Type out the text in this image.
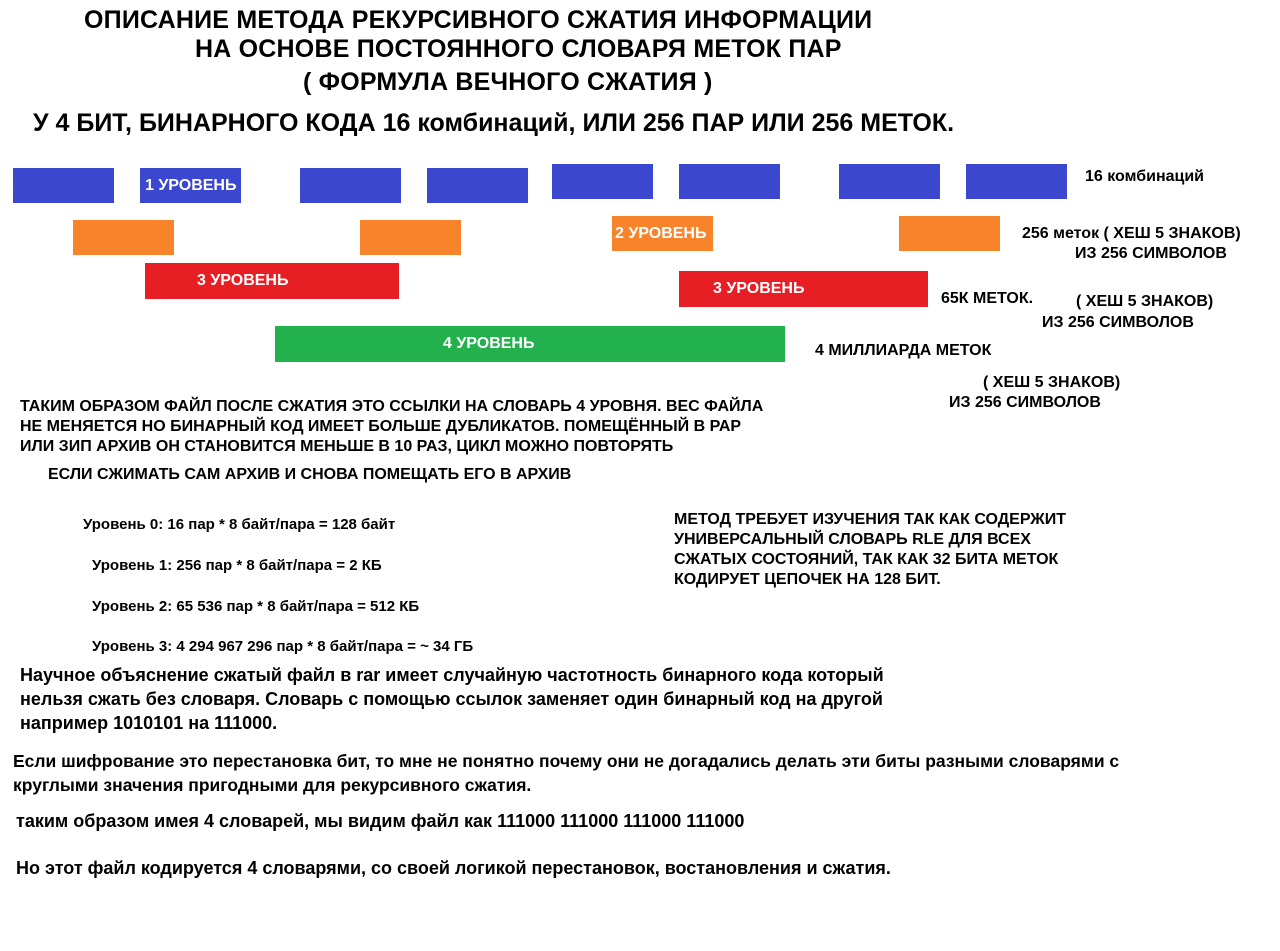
ОПИСАНИЕ МЕТОДА РЕКУРСИВНОГО СЖАТИЯ ИНФОРМАЦИИ
НА ОСНОВЕ ПОСТОЯННОГО СЛОВАРЯ МЕТОК ПАР
( ФОРМУЛА ВЕЧНОГО СЖАТИЯ )
У 4 БИТ, БИНАРНОГО КОДА 16 комбинаций, ИЛИ 256 ПАР ИЛИ 256 МЕТОК.
1 УРОВЕНЬ	16 комбинаций
2 УРОВЕНЬ	256 меток ( ХЕШ 5 ЗНАКОВ)
ИЗ 256 СИМВОЛОВ
3 УРОВЕНЬ	3 УРОВЕНЬ
65К МЕТОК.	( ХЕШ 5 ЗНАКОВ)
ИЗ 256 СИМВОЛОВ
4 УРОВЕНЬ	4 МИЛЛИАРДА МЕТОК
( ХЕШ 5 ЗНАКОВ)
ИЗ 256 СИМВОЛОВ
ТАКИМ ОБРАЗОМ ФАЙЛ ПОСЛЕ СЖАТИЯ ЭТО ССЫЛКИ НА СЛОВАРЬ 4 УРОВНЯ. ВЕС ФАЙЛА
НЕ МЕНЯЕТСЯ НО БИНАРНЫЙ КОД ИМЕЕТ БОЛЬШЕ ДУБЛИКАТОВ. ПОМЕЩЁННЫЙ В РАР
ИЛИ ЗИП АРХИВ ОН СТАНОВИТСЯ МЕНЬШЕ В 10 РАЗ, ЦИКЛ МОЖНО ПОВТОРЯТЬ
ЕСЛИ СЖИМАТЬ САМ АРХИВ И СНОВА ПОМЕЩАТЬ ЕГО В АРХИВ
Уровень 0: 16 пар * 8 байт/пара = 128 байт
Уровень 1: 256 пар * 8 байт/пара = 2 КБ
Уровень 2: 65 536 пар * 8 байт/пара = 512 КБ
Уровень 3: 4 294 967 296 пар * 8 байт/пара = ~ 34 ГБ
МЕТОД ТРЕБУЕТ ИЗУЧЕНИЯ ТАК КАК СОДЕРЖИТ
УНИВЕРСАЛЬНЫЙ СЛОВАРЬ RLE ДЛЯ ВСЕХ
СЖАТЫХ СОСТОЯНИЙ, ТАК КАК 32 БИТА МЕТОК
КОДИРУЕТ ЦЕПОЧЕК НА 128 БИТ.
Научное объяснение сжатый файл в rar имеет случайную частотность бинарного кода который
нельзя сжать без словаря. Словарь с помощью ссылок заменяет один бинарный код на другой
например 1010101 на 111000.
Если шифрование это перестановка бит, то мне не понятно почему они не догадались делать эти биты разными словарями с
круглыми значения пригодными для рекурсивного сжатия.
таким образом имея 4 словарей, мы видим файл как 111000 111000 111000 111000
Но этот файл кодируется 4 словарями, со своей логикой перестановок, востановления и сжатия.
